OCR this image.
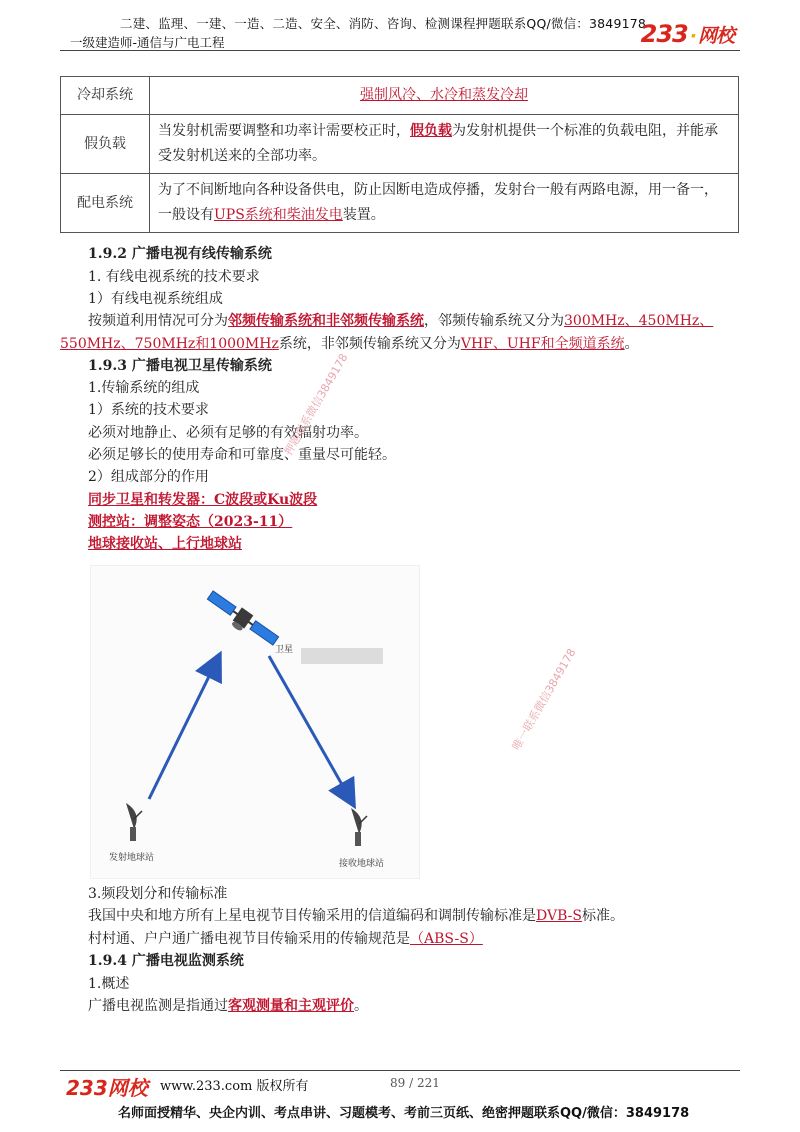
二建、监理、一建、一造、二造、安全、消防、咨询、检测课程押题联系QQ/微信：3849178
一级建造师-通信与广电工程	233 · 网校
冷却系统	强制风冷、水冷和蒸发冷却
假负载	当发射机需要调整和功率计需要校正时，假负载为发射机提供一个标准的负载电阻，并能承受发射机送来的全部功率。
配电系统	为了不间断地向各种设备供电，防止因断电造成停播，发射台一般有两路电源，用一备一，一般设有UPS系统和柴油发电装置。
1.9.2 广播电视有线传输系统
1. 有线电视系统的技术要求
1）有线电视系统组成
按频道利用情况可分为邻频传输系统和非邻频传输系统，邻频传输系统又分为300MHz、450MHz、
550MHz、750MHz和1000MHz系统，非邻频传输系统又分为VHF、UHF和全频道系统。
1.9.3 广播电视卫星传输系统
1.传输系统的组成
1）系统的技术要求
必须对地静止、必须有足够的有效辐射功率。
必须足够长的使用寿命和可靠度、重量尽可能轻。
2）组成部分的作用
同步卫星和转发器：C波段或Ku波段
测控站：调整姿态（2023-11）
地球接收站、上行地球站
卫星
发射地球站
接收地球站
押题联系微信3849178
唯一联系微信3849178
3.频段划分和传输标准
我国中央和地方所有上星电视节目传输采用的信道编码和调制传输标准是DVB-S标准。
村村通、户户通广播电视节目传输采用的传输规范是（ABS-S）
1.9.4 广播电视监测系统
1.概述
广播电视监测是指通过客观测量和主观评价。
233网校 www.233.com 版权所有	89 / 221
名师面授精华、央企内训、考点串讲、习题模考、考前三页纸、绝密押题联系QQ/微信：3849178
